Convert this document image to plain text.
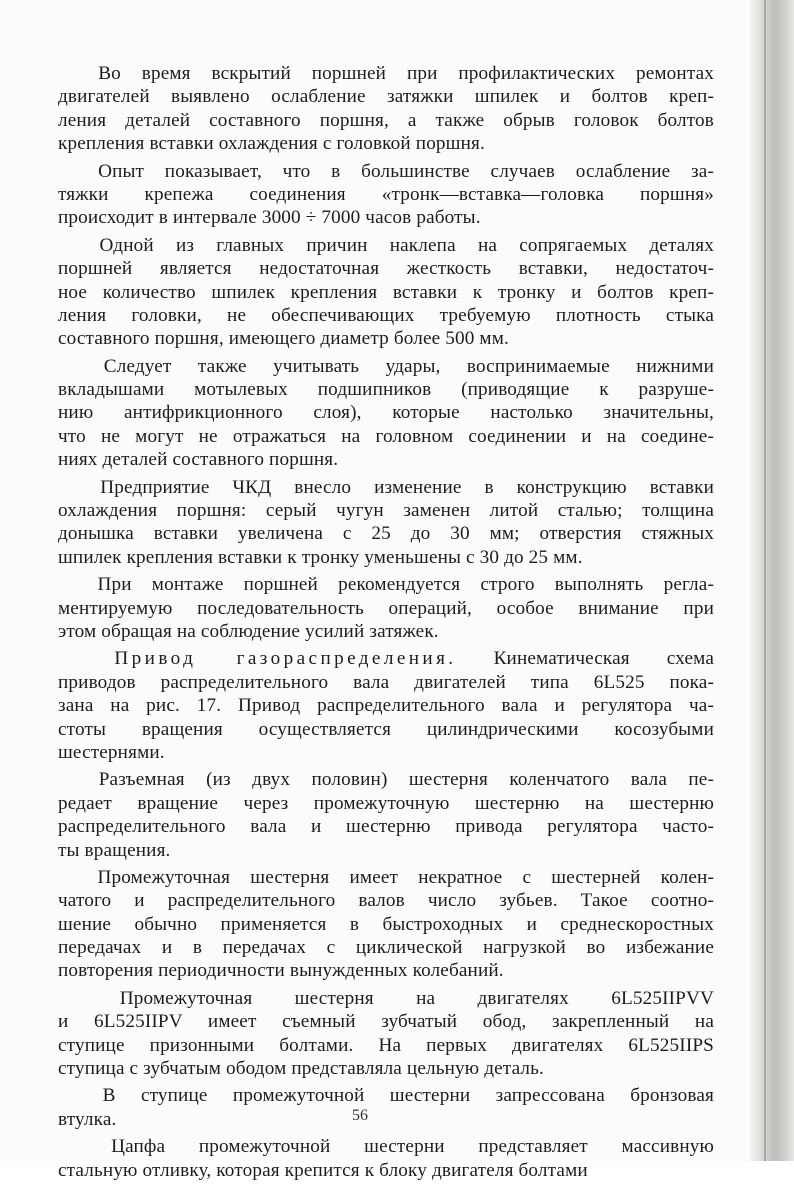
  Во время вскрытий поршней при профилактических ремонтах
двигателей выявлено ослабление затяжки шпилек и болтов креп-
ления деталей составного поршня, а также обрыв головок болтов
крепления вставки охлаждения с головкой поршня.
  Опыт показывает, что в большинстве случаев ослабление за-
тяжки крепежа соединения «тронк—вставка—головка поршня»
происходит в интервале 3000 ÷ 7000 часов работы.
  Одной из главных причин наклепа на сопрягаемых деталях
поршней является недостаточная жесткость вставки, недостаточ-
ное количество шпилек крепления вставки к тронку и болтов креп-
ления головки, не обеспечивающих требуемую плотность стыка
составного поршня, имеющего диаметр более 500 мм.
  Следует также учитывать удары, воспринимаемые нижними
вкладышами мотылевых подшипников (приводящие к разруше-
нию антифрикционного слоя), которые настолько значительны,
что не могут не отражаться на головном соединении и на соедине-
ниях деталей составного поршня.
  Предприятие ЧКД внесло изменение в конструкцию вставки
охлаждения поршня: серый чугун заменен литой сталью; толщина
донышка вставки увеличена с 25 до 30 мм; отверстия стяжных
шпилек крепления вставки к тронку уменьшены с 30 до 25 мм.
  При монтаже поршней рекомендуется строго выполнять регла-
ментируемую последовательность операций, особое внимание при
этом обращая на соблюдение усилий затяжек.
  Привод газораспределения. Кинематическая схема
приводов распределительного вала двигателей типа 6L525 пока-
зана на рис. 17. Привод распределительного вала и регулятора ча-
стоты вращения осуществляется цилиндрическими косозубыми
шестернями.
  Разъемная (из двух половин) шестерня коленчатого вала пе-
редает вращение через промежуточную шестерню на шестерню
распределительного вала и шестерню привода регулятора часто-
ты вращения.
  Промежуточная шестерня имеет некратное с шестерней колен-
чатого и распределительного валов число зубьев. Такое соотно-
шение обычно применяется в быстроходных и среднескоростных
передачах и в передачах с циклической нагрузкой во избежание
повторения периодичности вынужденных колебаний.
  Промежуточная шестерня на двигателях 6L525IIPVV
и 6L525IIPV имеет съемный зубчатый обод, закрепленный на
ступице призонными болтами. На первых двигателях 6L525IIPS
ступица с зубчатым ободом представляла цельную деталь.
  В ступице промежуточной шестерни запрессована бронзовая
втулка.
  Цапфа промежуточной шестерни представляет массивную
стальную отливку, которая крепится к блоку двигателя болтами
56
